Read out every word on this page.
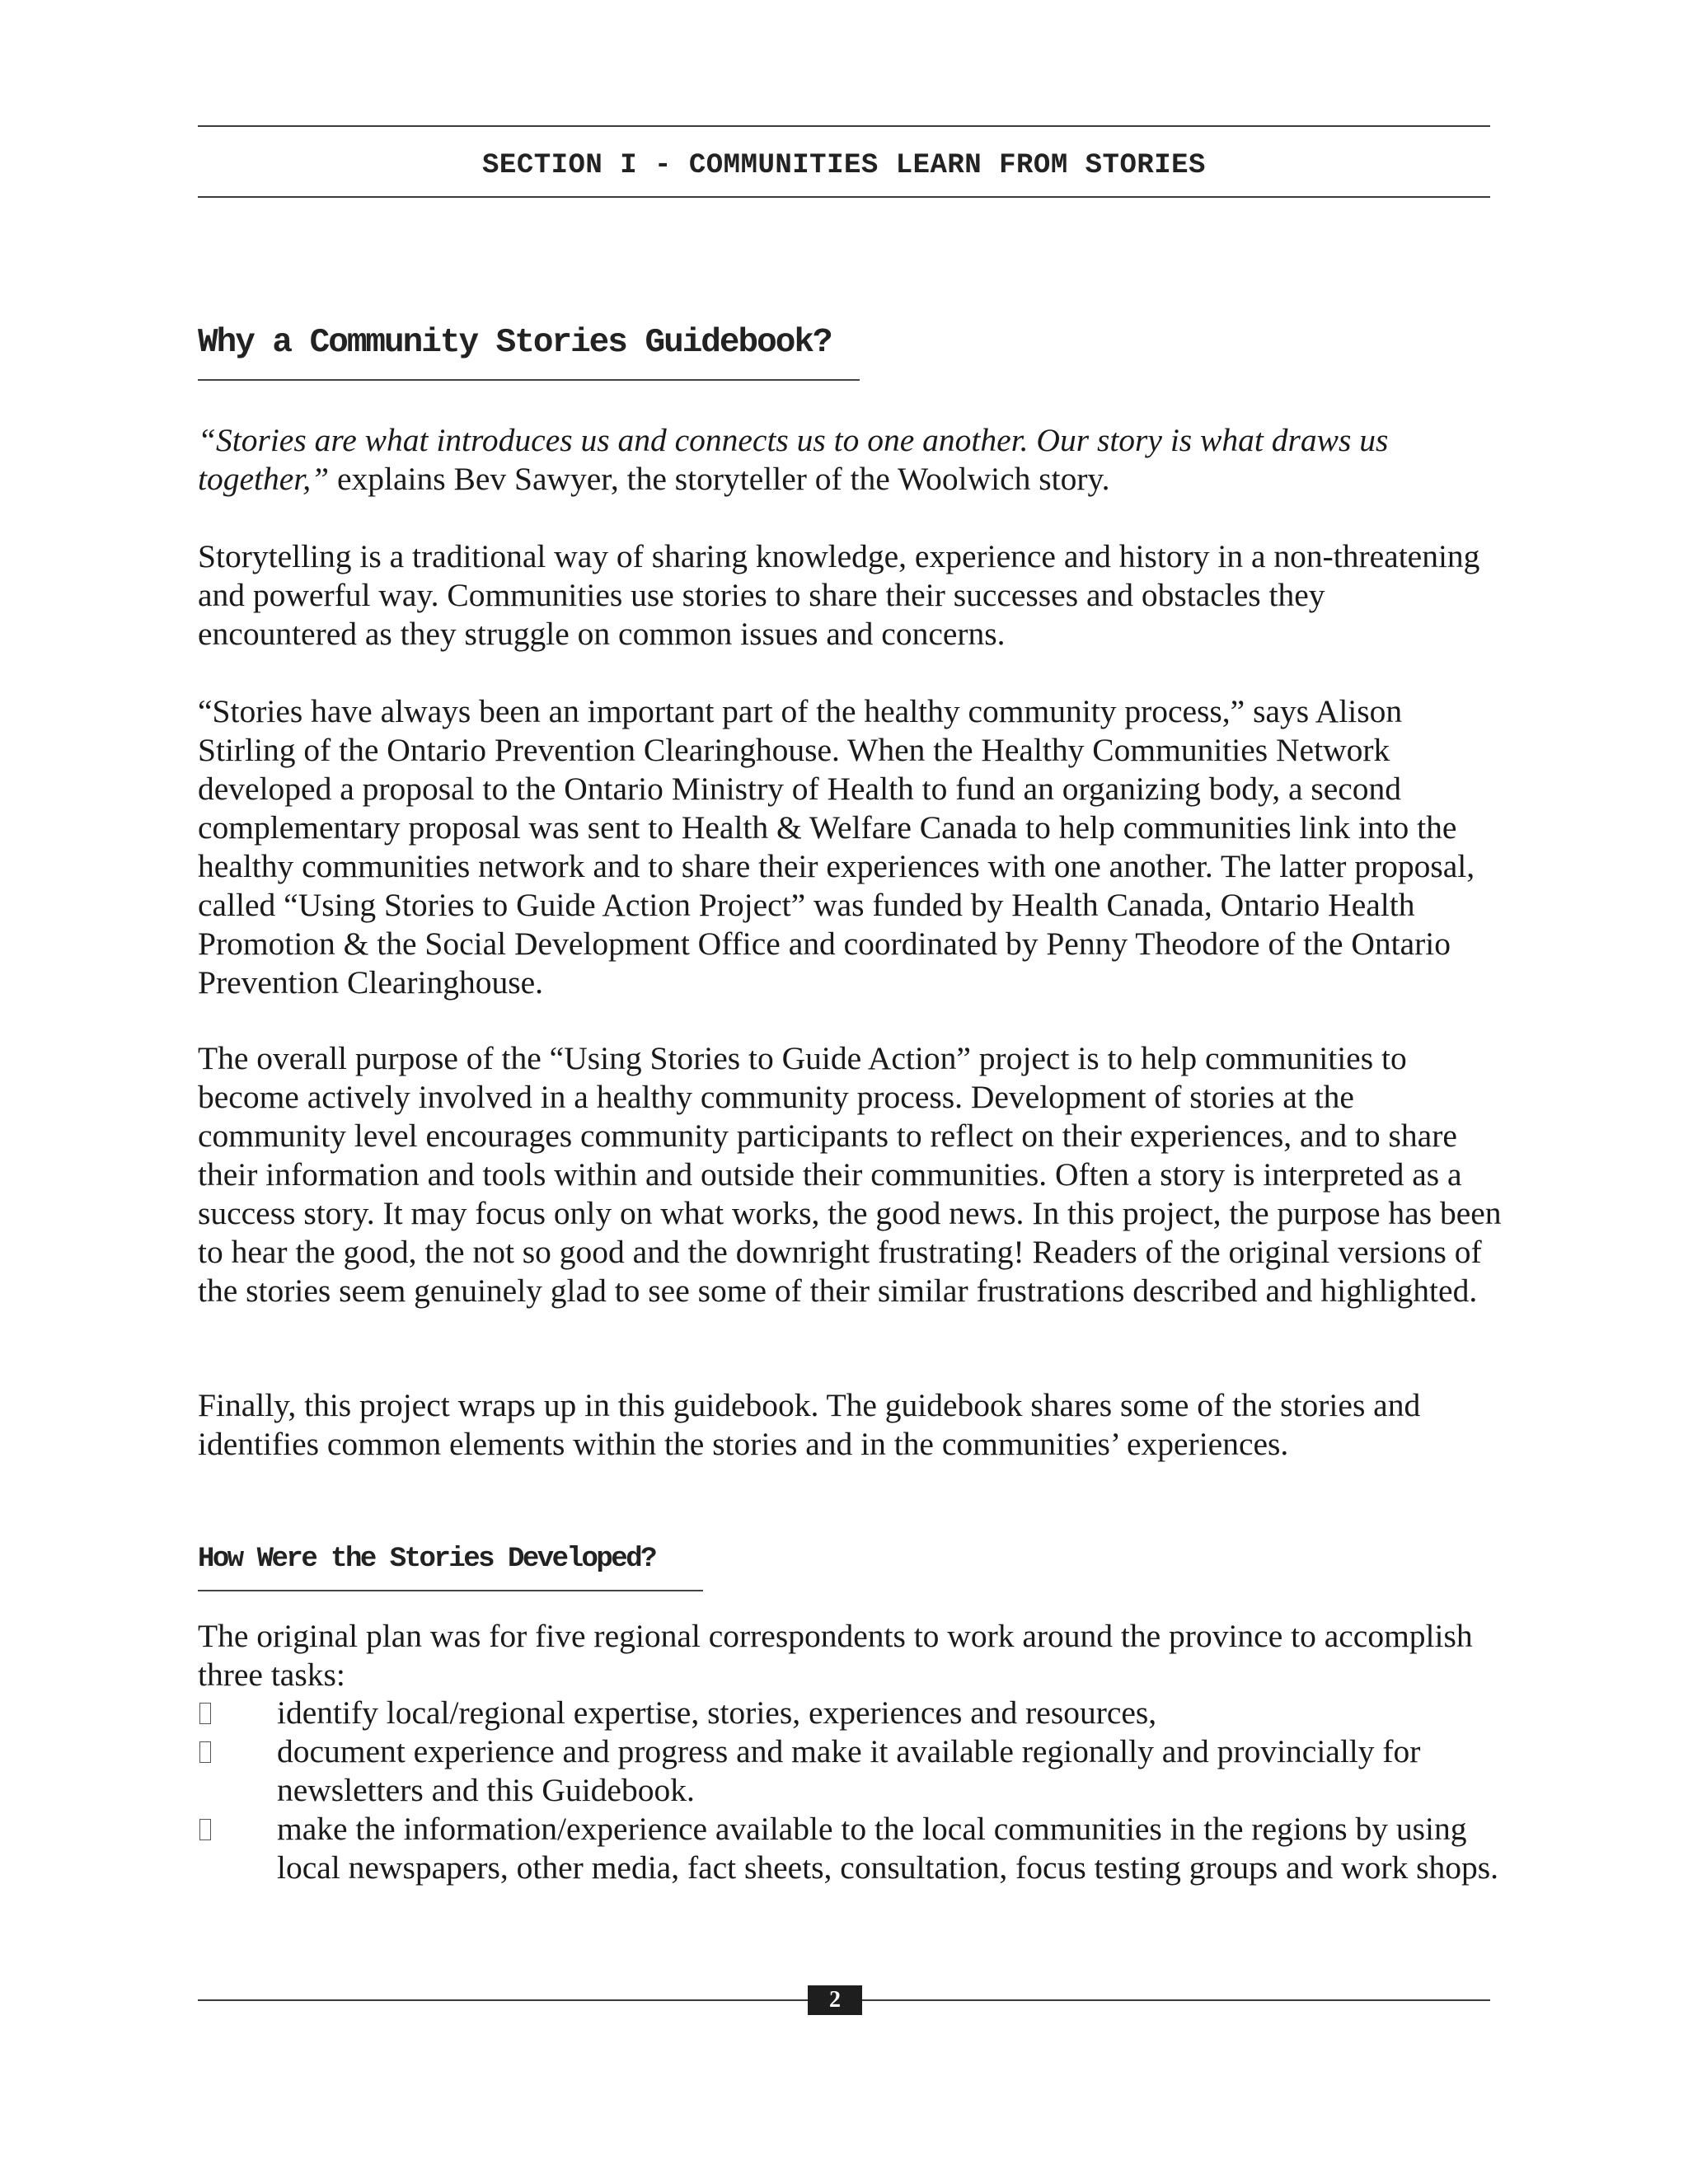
SECTION I - COMMUNITIES LEARN FROM STORIES
Why a Community Stories Guidebook?

“Stories are what introduces us and connects us to one another. Our story is what draws us together,” explains Bev Sawyer, the storyteller of the Woolwich story.

Storytelling is a traditional way of sharing knowledge, experience and history in a non-threatening and powerful way. Communities use stories to share their successes and obstacles they encountered as they struggle on common issues and concerns.

“Stories have always been an important part of the healthy community process,” says Alison Stirling of the Ontario Prevention Clearinghouse. When the Healthy Communities Network developed a proposal to the Ontario Ministry of Health to fund an organizing body, a second complementary proposal was sent to Health & Welfare Canada to help communities link into the healthy communities network and to share their experiences with one another. The latter proposal, called “Using Stories to Guide Action Project” was funded by Health Canada, Ontario Health Promotion & the Social Development Office and coordinated by Penny Theodore of the Ontario Prevention Clearinghouse.

The overall purpose of the “Using Stories to Guide Action” project is to help communities to become actively involved in a healthy community process. Development of stories at the community level encourages community participants to reflect on their experiences, and to share their information and tools within and outside their communities. Often a story is interpreted as a success story. It may focus only on what works, the good news. In this project, the purpose has been to hear the good, the not so good and the downright frustrating! Readers of the original versions of the stories seem genuinely glad to see some of their similar frustrations described and highlighted.

Finally, this project wraps up in this guidebook. The guidebook shares some of the stories and identifies common elements within the stories and in the communities’ experiences.

How Were the Stories Developed?

The original plan was for five regional correspondents to work around the province to accomplish three tasks:

identify local/regional expertise, stories, experiences and resources,
document experience and progress and make it available regionally and provincially for newsletters and this Guidebook.
make the information/experience available to the local communities in the regions by using local newspapers, other media, fact sheets, consultation, focus testing groups and work shops.
2
